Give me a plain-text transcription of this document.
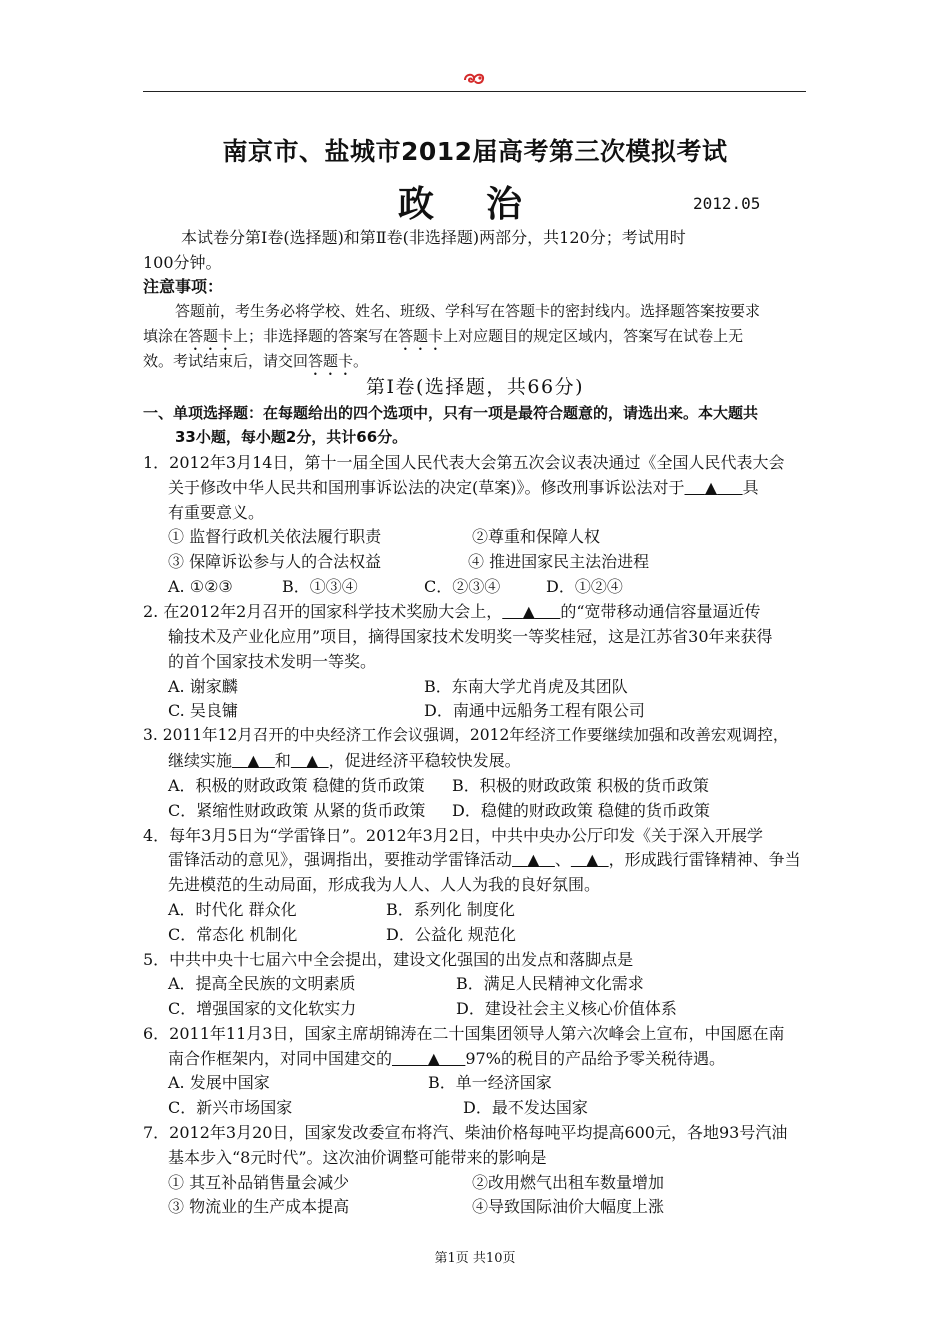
南京市、盐城市2012届高考第三次模拟考试
政治	2012.05
本试卷分第Ⅰ卷(选择题)和第Ⅱ卷(非选择题)两部分，共120分；考试用时
100分钟。
注意事项：
答题前，考生务必将学校、姓名、班级、学科写在答题卡的密封线内。选择题答案按要求
填涂在答题卡上；非选择题的答案写在答题卡上对应题目的规定区域内，答案写在试卷上无
效。考试结束后，请交回答题卡。
第Ⅰ卷(选择题，共66分)
一、单项选择题：在每题给出的四个选项中，只有一项是最符合题意的，请选出来。本大题共
33小题，每小题2分，共计66分。
1．2012年3月14日，第十一届全国人民代表大会第五次会议表决通过《全国人民代表大会
关于修改中华人民共和国刑事诉讼法的决定(草案)》。修改刑事诉讼法对于 ▲ 具
有重要意义。
① 监督行政机关依法履行职责	②尊重和保障人权
③ 保障诉讼参与人的合法权益	④ 推进国家民主法治进程
A. ①②③	B．①③④	C．②③④	D．①②④
2. 在2012年2月召开的国家科学技术奖励大会上， ▲ 的“宽带移动通信容量逼近传
输技术及产业化应用”项目，摘得国家技术发明奖一等奖桂冠，这是江苏省30年来获得
的首个国家技术发明一等奖。
A. 谢家麟	B．东南大学尤肖虎及其团队
C. 吴良镛	D．南通中远船务工程有限公司
3. 2011年12月召开的中央经济工作会议强调，2012年经济工作要继续加强和改善宏观调控，
继续实施 ▲ 和 ▲ ，促进经济平稳较快发展。
A．积极的财政政策 稳健的货币政策 B．积极的财政政策 积极的货币政策
C．紧缩性财政政策 从紧的货币政策 D．稳健的财政政策 稳健的货币政策
4．每年3月5日为“学雷锋日”。2012年3月2日，中共中央办公厅印发《关于深入开展学
雷锋活动的意见》，强调指出，要推动学雷锋活动 ▲ 、 ▲ ，形成践行雷锋精神、争当
先进模范的生动局面，形成我为人人、人人为我的良好氛围。
A．时代化 群众化	B．系列化 制度化
C．常态化 机制化	D．公益化 规范化
5．中共中央十七届六中全会提出，建设文化强国的出发点和落脚点是
A．提高全民族的文明素质	B．满足人民精神文化需求
C．增强国家的文化软实力	D．建设社会主义核心价值体系
6．2011年11月3日，国家主席胡锦涛在二十国集团领导人第六次峰会上宣布，中国愿在南
南合作框架内，对同中国建交的 ▲ 97%的税目的产品给予零关税待遇。
A. 发展中国家	B．单一经济国家
C．新兴市场国家	D．最不发达国家
7．2012年3月20日，国家发改委宣布将汽、柴油价格每吨平均提高600元，各地93号汽油
基本步入“8元时代”。这次油价调整可能带来的影响是
① 其互补品销售量会减少	②改用燃气出租车数量增加
③ 物流业的生产成本提高	④导致国际油价大幅度上涨
第1页 共10页
